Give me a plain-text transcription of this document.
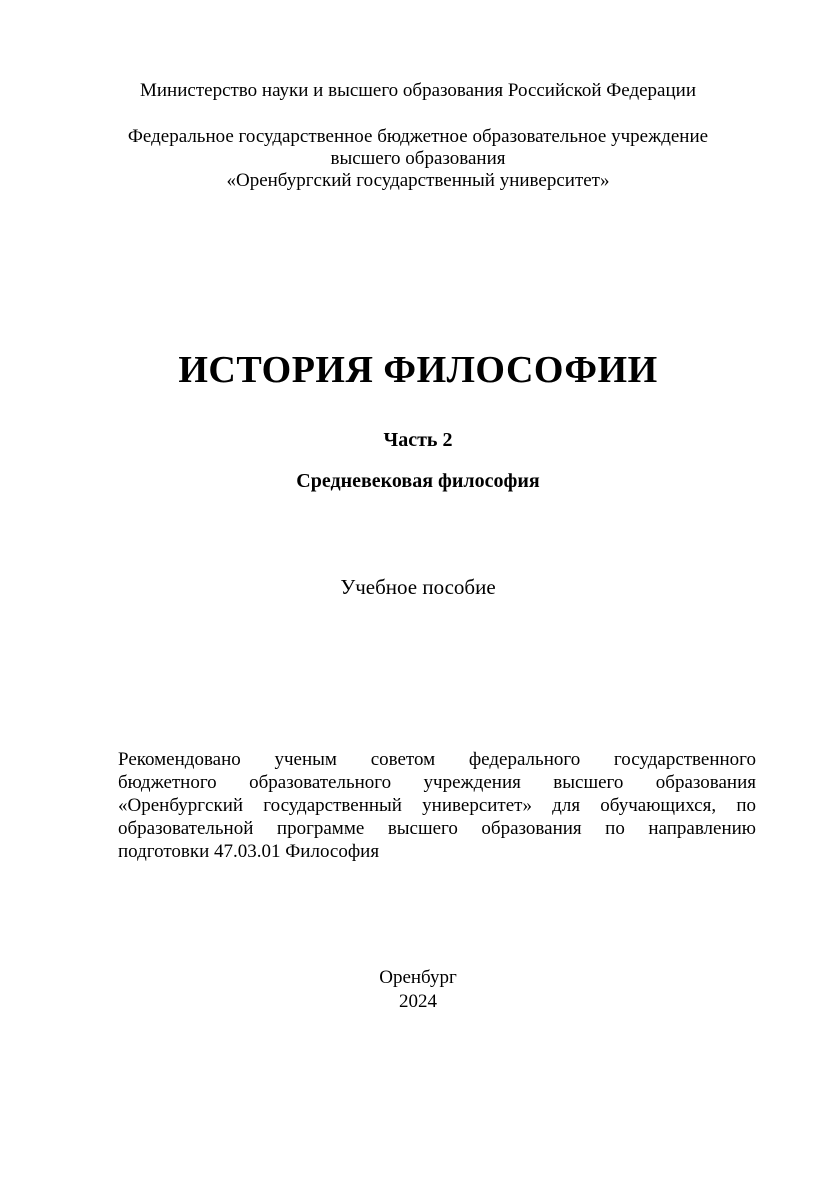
Министерство науки и высшего образования Российской Федерации
Федеральное государственное бюджетное образовательное учреждение
высшего образования
«Оренбургский государственный университет»
ИСТОРИЯ ФИЛОСОФИИ
Часть 2
Средневековая философия
Учебное пособие
Рекомендовано ученым советом федерального государственного
бюджетного образовательного учреждения высшего образования
«Оренбургский государственный университет» для обучающихся, по
образовательной программе высшего образования по направлению
подготовки 47.03.01 Философия
Оренбург
2024
